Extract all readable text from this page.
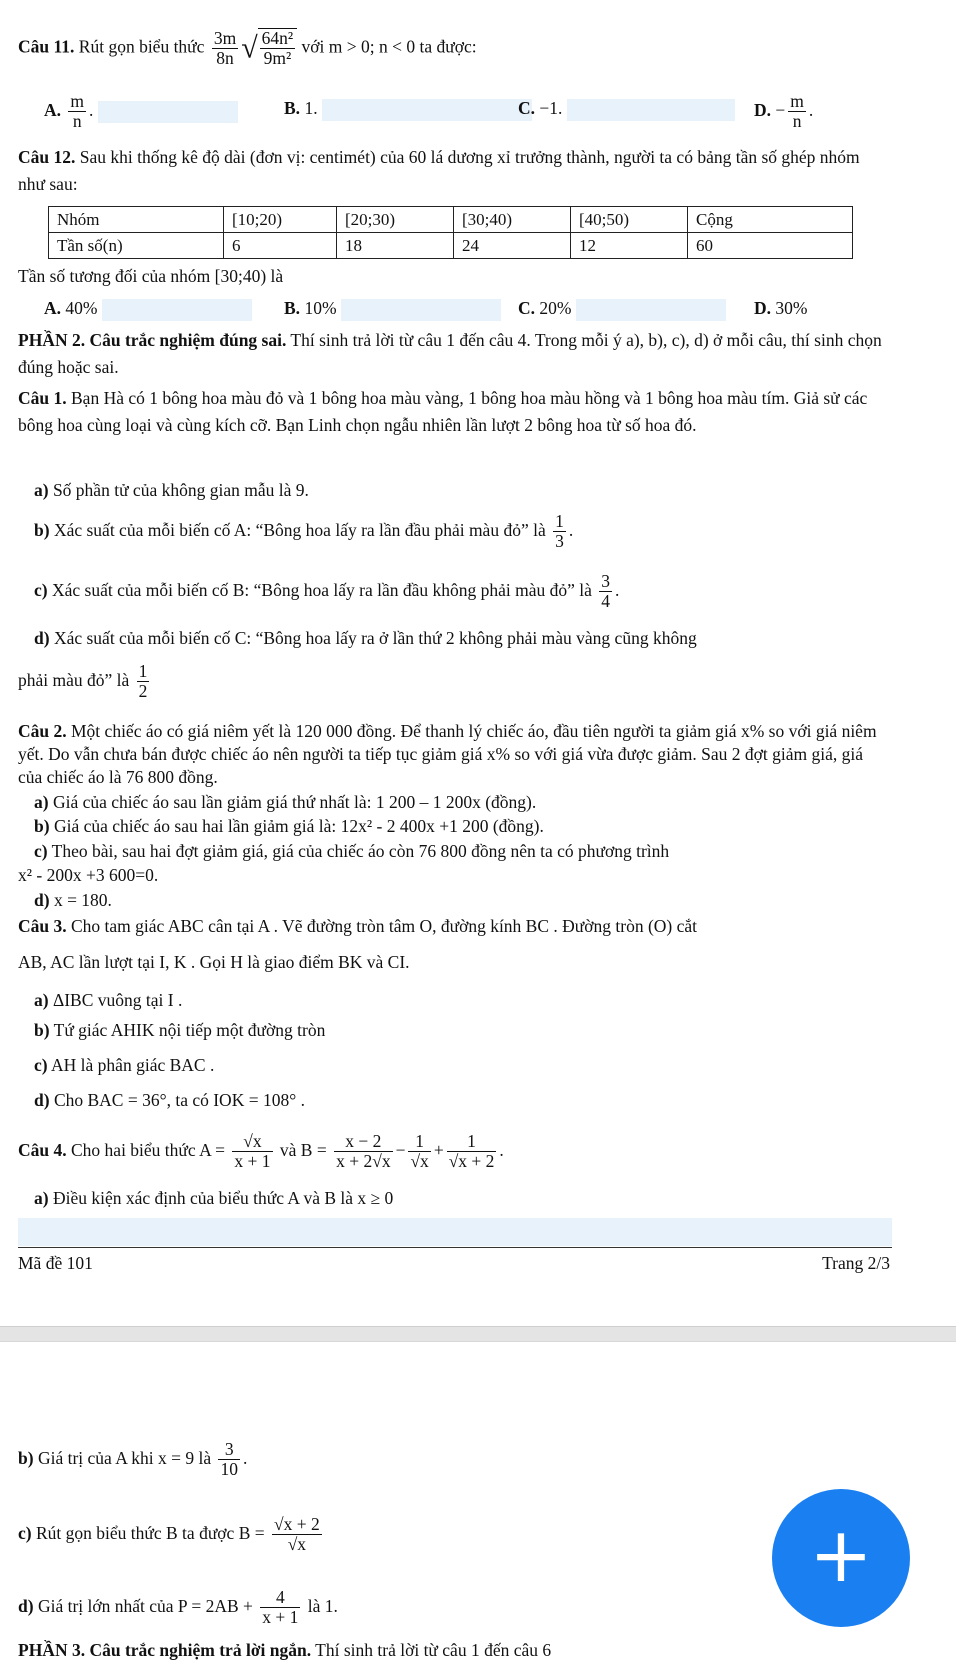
Câu 11. Rút gọn biểu thức $\frac{3m}{8n}$ √ $\frac{\text{64n²}}{\text{9m²}}$ với m > 0; n < 0 ta được:
A. $\frac{m}{n}$ .	B. 1.	C. −1.	D. − $\frac{m}{n}$ .
Câu 12. Sau khi thống kê độ dài (đơn vị: centimét) của 60 lá dương xỉ trưởng thành, người ta có bảng tần số ghép nhóm như sau:
Nhóm	[10;20)	[20;30)	[30;40)	[40;50)	Cộng
Tần số(n)	6	18	24	12	60
Tần số tương đối của nhóm [30;40) là
A. 40%	B. 10%	C. 20%	D. 30%
PHẦN 2. Câu trắc nghiệm đúng sai. Thí sinh trả lời từ câu 1 đến câu 4. Trong mỗi ý a), b), c), d) ở mỗi câu, thí sinh chọn đúng hoặc sai.
Câu 1. Bạn Hà có 1 bông hoa màu đỏ và 1 bông hoa màu vàng, 1 bông hoa màu hồng và 1 bông hoa màu tím. Giả sử các bông hoa cùng loại và cùng kích cỡ. Bạn Linh chọn ngẫu nhiên lần lượt 2 bông hoa từ số hoa đó.
a) Số phần tử của không gian mẫu là 9.
b) Xác suất của mỗi biến cố A: “Bông hoa lấy ra lần đầu phải màu đỏ” là $\frac{1}{3}$ .
c) Xác suất của mỗi biến cố B: “Bông hoa lấy ra lần đầu không phải màu đỏ” là $\frac{3}{4}$ .
d) Xác suất của mỗi biến cố C: “Bông hoa lấy ra ở lần thứ 2 không phải màu vàng cũng không
phải màu đỏ” là $\frac{1}{2}$
Câu 2. Một chiếc áo có giá niêm yết là 120 000 đồng. Để thanh lý chiếc áo, đầu tiên người ta giảm giá x% so với giá niêm yết. Do vẫn chưa bán được chiếc áo nên người ta tiếp tục giảm giá x% so với giá vừa được giảm. Sau 2 đợt giảm giá, giá của chiếc áo là 76 800 đồng.
a) Giá của chiếc áo sau lần giảm giá thứ nhất là: 1 200 – 1 200x (đồng).
b) Giá của chiếc áo sau hai lần giảm giá là: 12x² - 2 400x +1 200 (đồng).
c) Theo bài, sau hai đợt giảm giá, giá của chiếc áo còn 76 800 đồng nên ta có phương trình
x² - 200x +3 600=0.
d) x = 180.
Câu 3. Cho tam giác ABC cân tại A . Vẽ đường tròn tâm O, đường kính BC . Đường tròn (O) cắt
AB, AC lần lượt tại I, K . Gọi H là giao điểm BK và CI.
a) ΔIBC vuông tại I .
b) Tứ giác AHIK nội tiếp một đường tròn
c) AH là phân giác BAC .
d) Cho BAC = 36°, ta có IOK = 108° .
Câu 4. Cho hai biểu thức $A = \frac{√x}{x + 1}$ và $B = \frac{x - 2}{x + 2√x} - \frac{1}{√x} + \frac{1}{√x + 2}$ .
a) Điều kiện xác định của biểu thức A và B là x ≥ 0
Mã đề 101	Trang 2/3
b) Giá trị của A khi x = 9 là $\frac{3}{10}$ .
c) Rút gọn biểu thức B ta được $B = \frac{√x + 2}{√x}$
d) Giá trị lớn nhất của $P = 2AB + \frac{4}{x + 1}$ là 1.
PHẦN 3. Câu trắc nghiệm trả lời ngắn. Thí sinh trả lời từ câu 1 đến câu 6
+
